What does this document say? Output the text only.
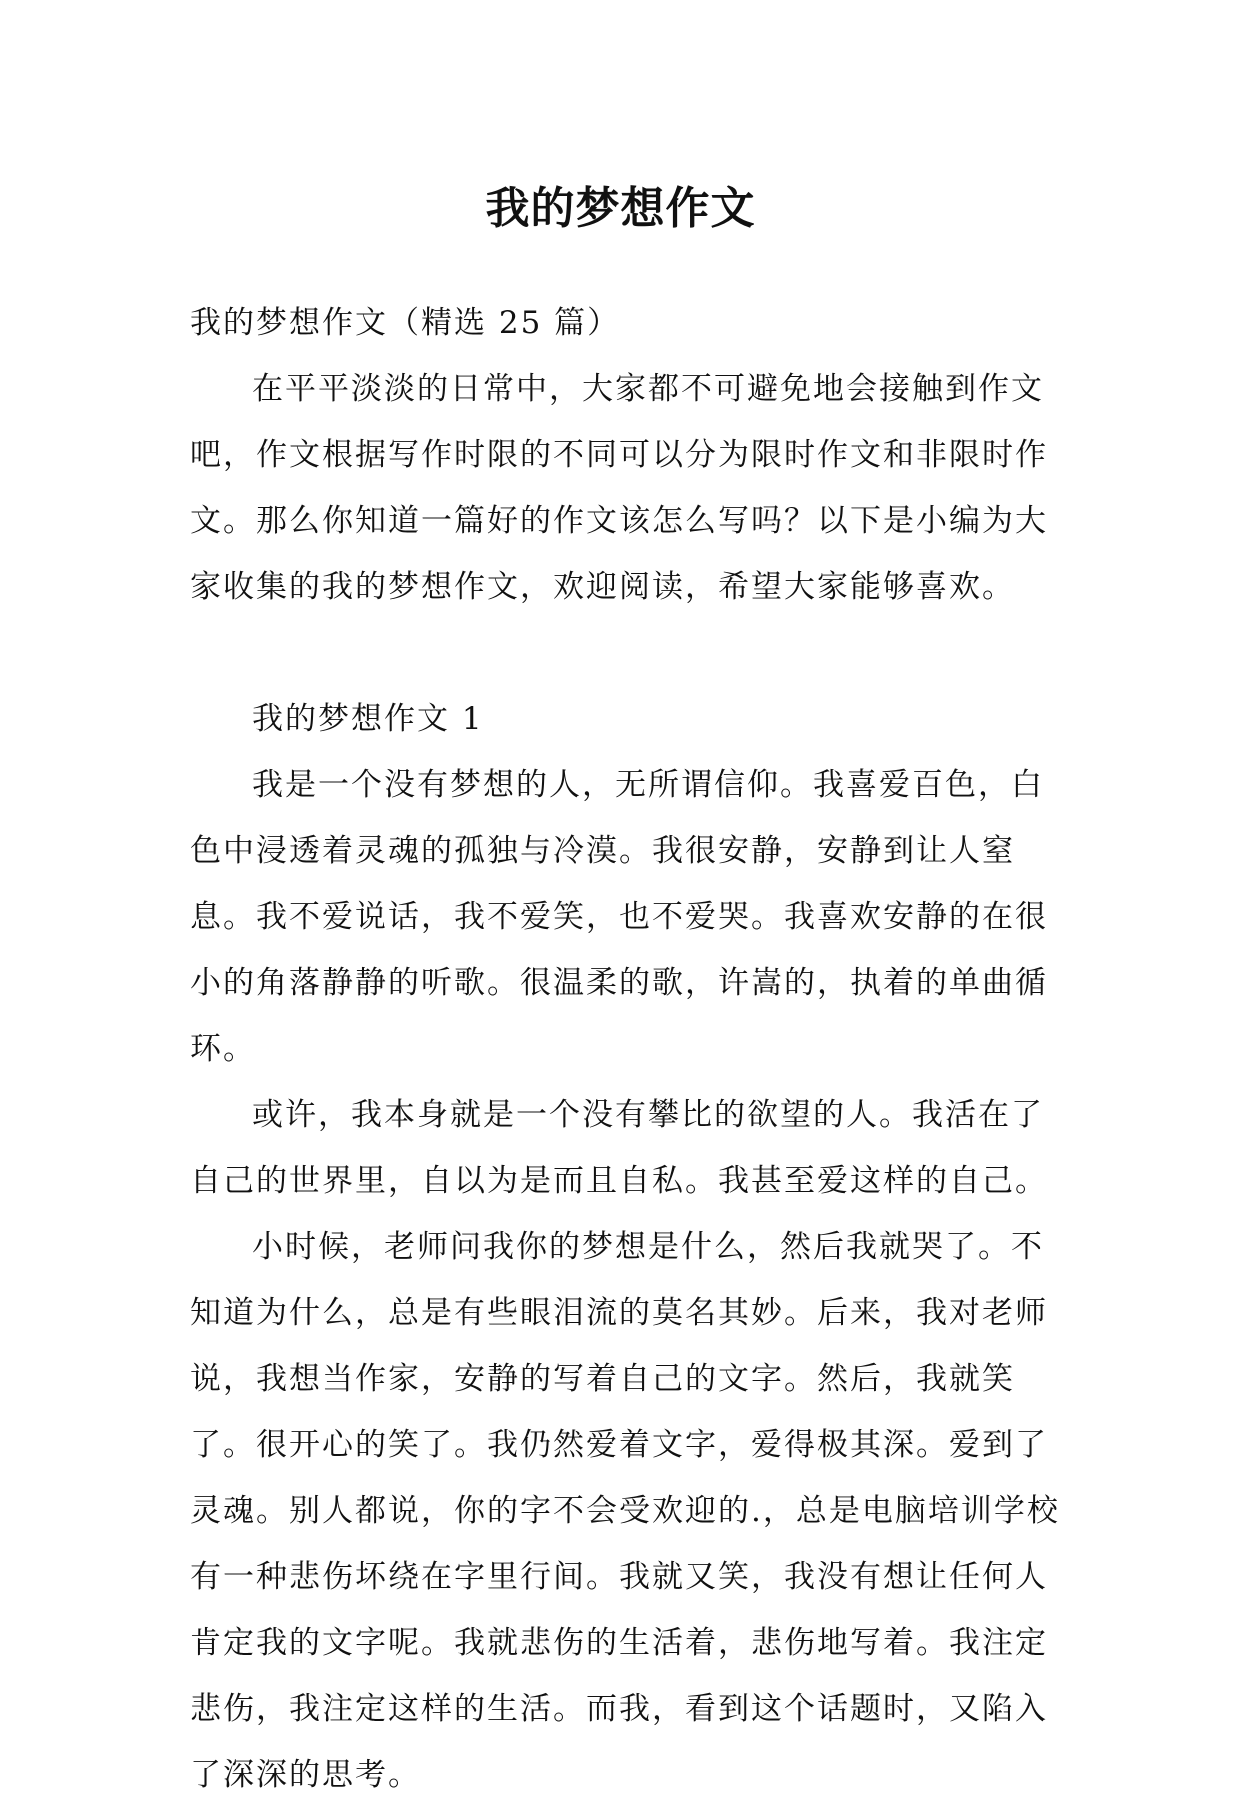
我的梦想作文

我的梦想作文（精选 25 篇）

在平平淡淡的日常中，大家都不可避免地会接触到作文吧，作文根据写作时限的不同可以分为限时作文和非限时作文。那么你知道一篇好的作文该怎么写吗？以下是小编为大家收集的我的梦想作文，欢迎阅读，希望大家能够喜欢。

我的梦想作文 1

我是一个没有梦想的人，无所谓信仰。我喜爱百色，白色中浸透着灵魂的孤独与冷漠。我很安静，安静到让人窒息。我不爱说话，我不爱笑，也不爱哭。我喜欢安静的在很小的角落静静的听歌。很温柔的歌，许嵩的，执着的单曲循环。

或许，我本身就是一个没有攀比的欲望的人。我活在了自己的世界里，自以为是而且自私。我甚至爱这样的自己。

小时候，老师问我你的梦想是什么，然后我就哭了。不知道为什么，总是有些眼泪流的莫名其妙。后来，我对老师说，我想当作家，安静的写着自己的文字。然后，我就笑了。很开心的笑了。我仍然爱着文字，爱得极其深。爱到了灵魂。别人都说，你的字不会受欢迎的.，总是电脑培训学校有一种悲伤坏绕在字里行间。我就又笑，我没有想让任何人肯定我的文字呢。我就悲伤的生活着，悲伤地写着。我注定悲伤，我注定这样的生活。而我，看到这个话题时，又陷入了深深的思考。
